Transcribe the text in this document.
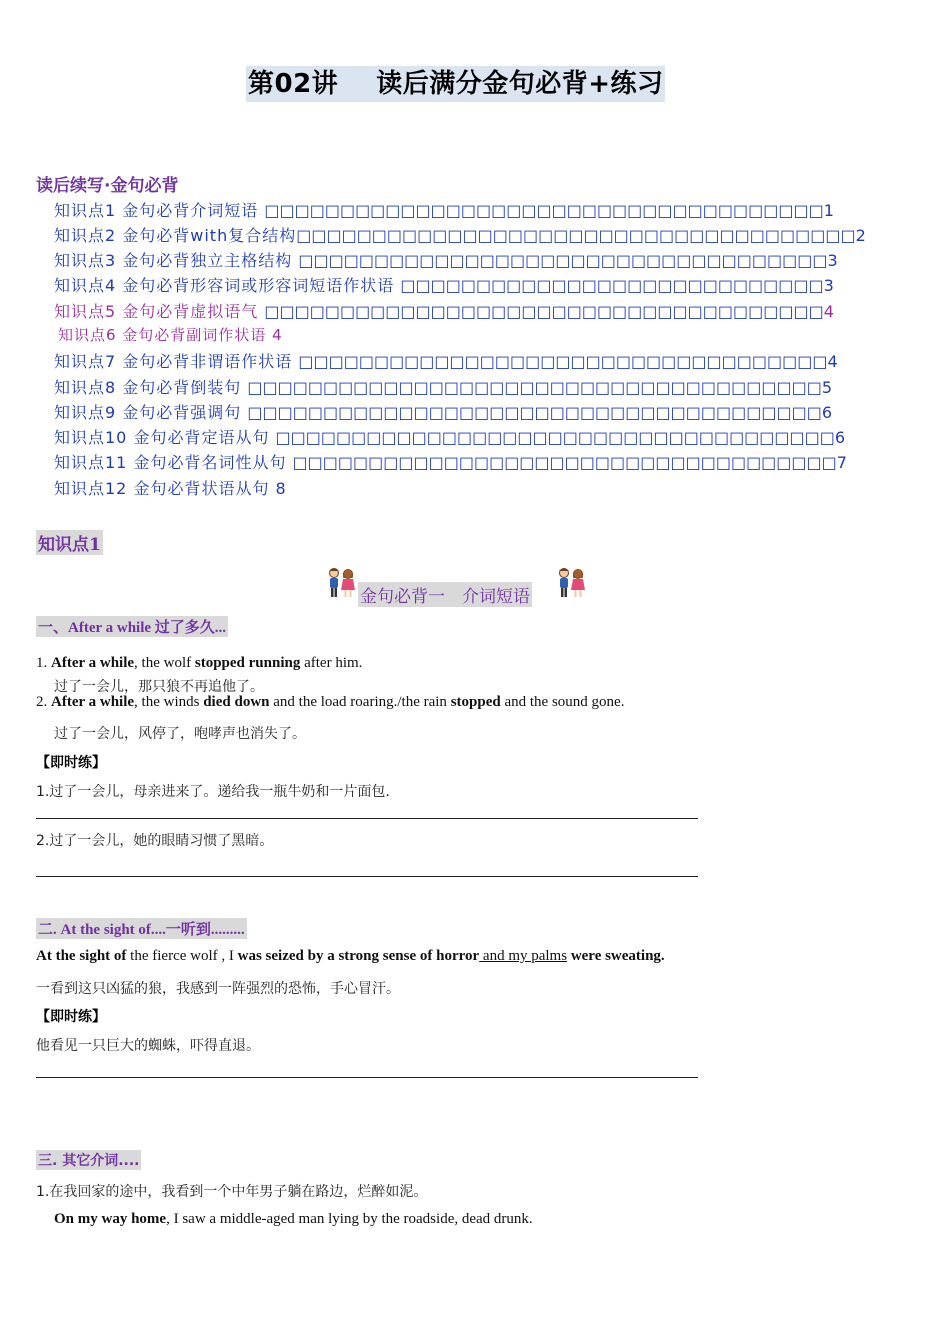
第02讲 读后满分金句必背+练习
读后续写·金句必背
知识点1 金句必背介词短语 □□□□□□□□□□□□□□□□□□□□□□□□□□□□□□□□□□□□□1
知识点2 金句必背with复合结构□□□□□□□□□□□□□□□□□□□□□□□□□□□□□□□□□□□□□2
知识点3 金句必背独立主格结构 □□□□□□□□□□□□□□□□□□□□□□□□□□□□□□□□□□□3
知识点4 金句必背形容词或形容词短语作状语 □□□□□□□□□□□□□□□□□□□□□□□□□□□□3
知识点5 金句必背虚拟语气 □□□□□□□□□□□□□□□□□□□□□□□□□□□□□□□□□□□□□4
知识点6 金句必背副词作状语 4
知识点7 金句必背非谓语作状语 □□□□□□□□□□□□□□□□□□□□□□□□□□□□□□□□□□□4
知识点8 金句必背倒装句 □□□□□□□□□□□□□□□□□□□□□□□□□□□□□□□□□□□□□□5
知识点9 金句必背强调句 □□□□□□□□□□□□□□□□□□□□□□□□□□□□□□□□□□□□□□6
知识点10 金句必背定语从句 □□□□□□□□□□□□□□□□□□□□□□□□□□□□□□□□□□□□□6
知识点11 金句必背名词性从句 □□□□□□□□□□□□□□□□□□□□□□□□□□□□□□□□□□□□7
知识点12 金句必背状语从句 8
知识点1
金句必背一　介词短语
一、After a while 过了多久...
1. After a while, the wolf stopped running after him.
过了一会儿，那只狼不再追他了。
2. After a while, the winds died down and the load roaring./the rain stopped and the sound gone.
过了一会儿，风停了，咆哮声也消失了。
【即时练】
1.过了一会儿，母亲进来了。递给我一瓶牛奶和一片面包.
2.过了一会儿，她的眼睛习惯了黑暗。
二. At the sight of....一听到.........
At the sight of the fierce wolf , I was seized by a strong sense of horror and my palms were sweating.
一看到这只凶猛的狼，我感到一阵强烈的恐怖，手心冒汗。
【即时练】
他看见一只巨大的蜘蛛，吓得直退。
三. 其它介词....
1.在我回家的途中，我看到一个中年男子躺在路边，烂醉如泥。
On my way home, I saw a middle-aged man lying by the roadside, dead drunk.
